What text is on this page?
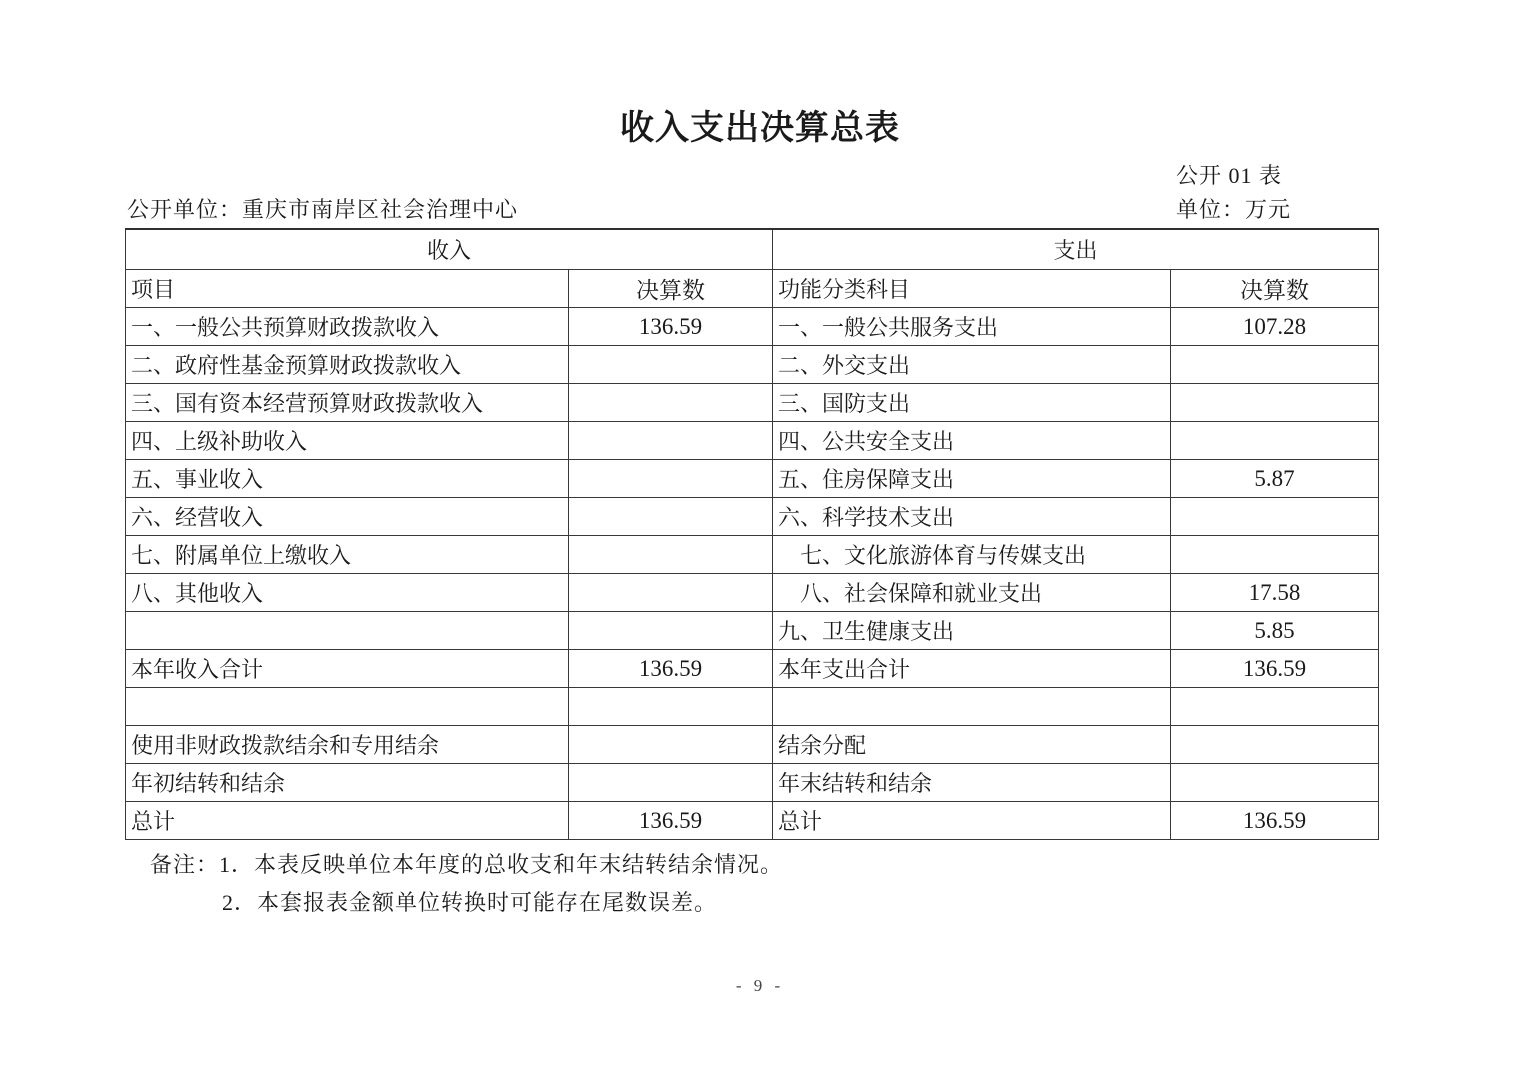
收入支出决算总表
公开 01 表
公开单位：重庆市南岸区社会治理中心	单位：万元
收入		支出	
项目	决算数	功能分类科目	决算数
一、一般公共预算财政拨款收入	136.59	一、一般公共服务支出	107.28
二、政府性基金预算财政拨款收入		二、外交支出	
三、国有资本经营预算财政拨款收入		三、国防支出	
四、上级补助收入		四、公共安全支出	
五、事业收入		五、住房保障支出	5.87
六、经营收入		六、科学技术支出	
七、附属单位上缴收入		　七、文化旅游体育与传媒支出	
八、其他收入		　八、社会保障和就业支出	17.58
		九、卫生健康支出	5.85
本年收入合计	136.59	本年支出合计	136.59

使用非财政拨款结余和专用结余		结余分配	
年初结转和结余		年末结转和结余	
总计	136.59	总计	136.59
备注：1．本表反映单位本年度的总收支和年末结转结余情况。
2．本套报表金额单位转换时可能存在尾数误差。
- 9 -
